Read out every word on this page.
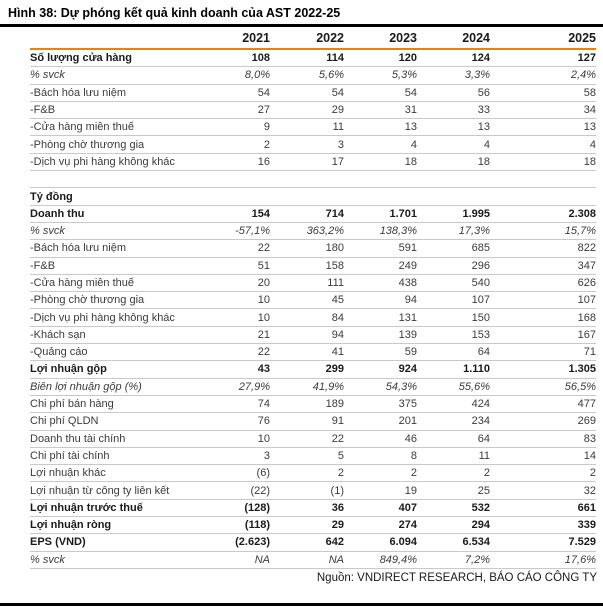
Hình 38: Dự phóng kết quả kinh doanh của AST 2022-25
2021	2022	2023	2024	2025
Số lượng cửa hàng	108	114	120	124	127
% svck	8,0%	5,6%	5,3%	3,3%	2,4%
-Bách hóa lưu niệm	54	54	54	56	58
-F&B	27	29	31	33	34
-Cửa hàng miễn thuế	9	11	13	13	13
-Phòng chờ thương gia	2	3	4	4	4
-Dịch vụ phi hàng không khác	16	17	18	18	18
Tỷ đồng
Doanh thu	154	714	1.701	1.995	2.308
% svck	-57,1%	363,2%	138,3%	17,3%	15,7%
-Bách hóa lưu niệm	22	180	591	685	822
-F&B	51	158	249	296	347
-Cửa hàng miễn thuế	20	111	438	540	626
-Phòng chờ thương gia	10	45	94	107	107
-Dịch vụ phi hàng không khác	10	84	131	150	168
-Khách sạn	21	94	139	153	167
-Quảng cáo	22	41	59	64	71
Lợi nhuận gộp	43	299	924	1.110	1.305
Biên lợi nhuận gộp (%)	27,9%	41,9%	54,3%	55,6%	56,5%
Chi phí bán hàng	74	189	375	424	477
Chi phí QLDN	76	91	201	234	269
Doanh thu tài chính	10	22	46	64	83
Chi phí tài chính	3	5	8	11	14
Lợi nhuận khác	(6)	2	2	2	2
Lợi nhuận từ công ty liên kết	(22)	(1)	19	25	32
Lợi nhuận trước thuế	(128)	36	407	532	661
Lợi nhuận ròng	(118)	29	274	294	339
EPS (VND)	(2.623)	642	6.094	6.534	7.529
% svck	NA	NA	849,4%	7,2%	17,6%
Nguồn: VNDIRECT RESEARCH, BÁO CÁO CÔNG TY
